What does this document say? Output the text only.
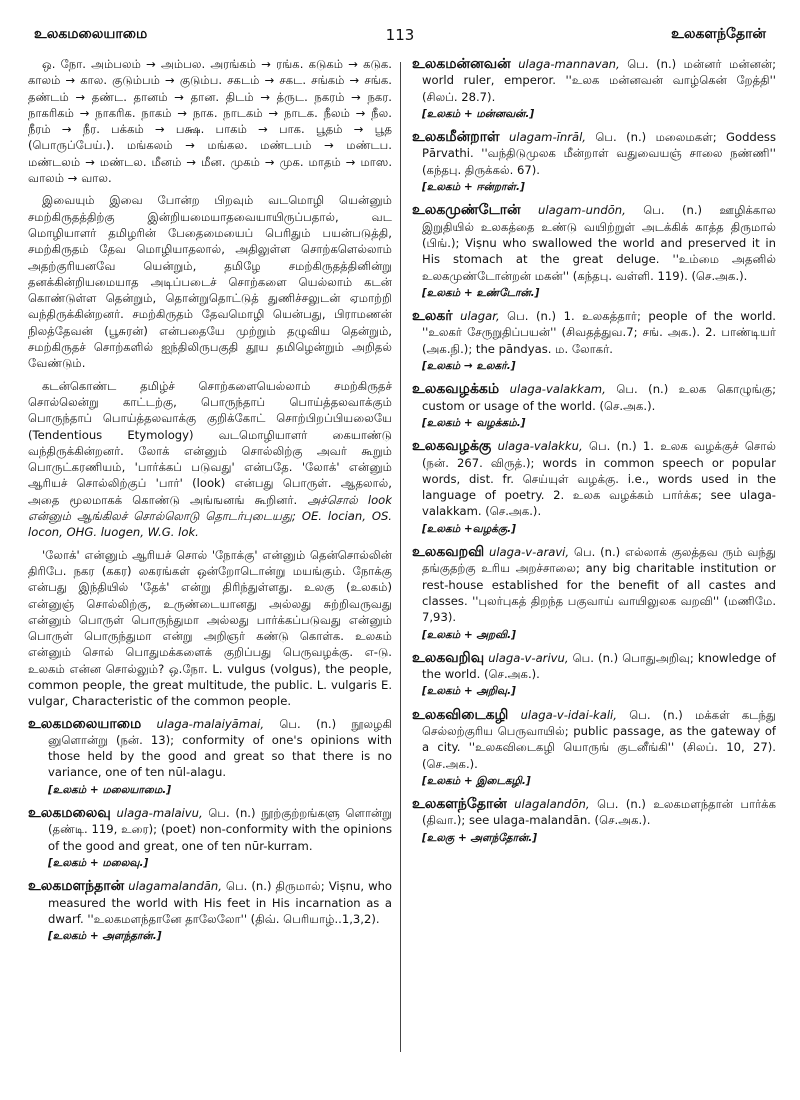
உலகமலையாமை	113	உலகளந்தோன்

ஒ. நோ. அம்பலம் → அம்பல. அரங்கம் → ரங்க. கடுகம் → கடுக. காலம் → கால. குடும்பம் → குடும்ப. சகடம் → சகட. சங்கம் → சங்க. தண்டம் → தண்ட. தானம் → தான. திடம் → த்ருட. நகரம் → நகர. நாகரிகம் → நாகரிக. நாகம் → நாக. நாடகம் → நாடக. நீலம் → நீல. நீரம் → நீர. பக்கம் → பக்ஷ. பாகம் → பாக. பூதம் → பூத (பொருப்பேய்.). மங்கலம் → மங்கல. மண்டபம் → மண்டப. மண்டலம் → மண்டல. மீனம் → மீன. முகம் → முக. மாதம் → மாஸ. வாலம் → வால.

இவையும் இவை போன்ற பிறவும் வடமொழி யென்னும் சமற்கிருதத்திற்கு இன்றியமையாதவையாயிருப்பதால், வட மொழியாளர் தமிழரின் பேதைமையைப் பெரிதும் பயன்படுத்தி, சமற்கிருதம் தேவ மொழியாதலால், அதிலுள்ள சொற்களெல்லாம் அதற்குரியனவே யென்றும், தமிழே சமற்கிருதத்தினின்று தனக்கின்றியமையாத அடிப்படைச் சொற்களை யெல்லாம் கடன் கொண்டுள்ள தென்றும், தொன்றுதொட்டுத் துணிச்சலுடன் ஏமாற்றி வந்திருக்கின்றனர். சமற்கிருதம் தேவமொழி யென்பது, பிராமணன் நிலத்தேவன் (பூசுரன்) என்பதையே முற்றும் தழுவிய தென்றும், சமற்கிருதச் சொற்களில் ஐந்திலிருபகுதி தூய தமிழென்றும் அறிதல் வேண்டும்.

கடன்கொண்ட தமிழ்ச் சொற்களையெல்லாம் சமற்கிருதச் சொல்லென்று காட்டற்கு, பொருந்தாப் பொய்த்தலவாக்கும் பொருந்தாப் பொய்த்தலவாக்கு குறிக்கோட் சொற்பிறப்பியலையே (Tendentious Etymology) வடமொழியாளர் கையாண்டு வந்திருக்கின்றனர். லோக் என்னும் சொல்லிற்கு அவர் கூறும் பொருட்கரணியம், 'பார்க்கப் படுவது' என்பதே. 'லோக்' என்னும் ஆரியச் சொல்லிற்குப் 'பார்' (look) என்பது பொருள். ஆதலால், அதை மூலமாகக் கொண்டு அங்ஙனங் கூறினர். அச்சொல் look என்னும் ஆங்கிலச் சொல்லொடு தொடர்புடையது; OE. locian, OS. locon, OHG. luogen, W.G. lok.

'லோக்' என்னும் ஆரியச் சொல் 'நோக்கு' என்னும் தென்சொல்லின் திரிபே. நகர (ககர) லகரங்கள் ஒன்றோடொன்று மயங்கும். நோக்கு என்பது இந்தியில் 'தேக்' என்று திரிந்துள்ளது. உலகு (உலகம்) என்னுஞ் சொல்லிற்கு, உருண்டையானது அல்லது சுற்றிவருவது என்னும் பொருள் பொருந்துமா அல்லது பார்க்கப்படுவது என்னும் பொருள் பொருந்துமா என்று அறிஞர் கண்டு கொள்க. உலகம் என்னும் சொல் பொதுமக்களைக் குறிப்பது பெருவழக்கு. எ-டு. உலகம் என்ன சொல்லும்? ஒ.நோ. L. vulgus (volgus), the people, common people, the great multitude, the public. L. vulgaris E. vulgar, Characteristic of the common people.

உலகமலையாமை ulaga-malaiyāmai, பெ. (n.) நூலழகி னுளொன்று (நன். 13); conformity of one's opinions with those held by the good and great so that there is no variance, one of ten nūl-alagu.
[உலகம் + மலையாமை.]
உலகமலைவு ulaga-malaivu, பெ. (n.) நூற்குற்றங்களு ளொன்று (தண்டி. 119, உரை); (poet) non-conformity with the opinions of the good and great, one of ten nūr-kurram.
[உலகம் + மலைவு.]
உலகமளந்தான் ulagamalandān, பெ. (n.) திருமால்; Viṣnu, who measured the world with His feet in His incarnation as a dwarf. ''உலகமளந்தானே தாலேலோ'' (திவ். பெரியாழ்..1,3,2).
[உலகம் + அளந்தான்.]
உலகமன்னவன் ulaga-mannavan, பெ. (n.) மன்னர் மன்னன்; world ruler, emperor. ''உலக மன்னவன் வாழ்கென் றேத்தி'' (சிலப். 28.7).
[உலகம் + மன்னவன்.]
உலகமீன்றாள் ulagam-īnrāl, பெ. (n.) மலைமகள்; Goddess Pārvathi. ''வந்திடுமுலக மீன்றாள் வதுவையஞ் சாலை நண்ணி'' (கந்தபு. திருக்கல். 67).
[உலகம் + ஈன்றாள்.]
உலகமுண்டோன் ulagam-undōn, பெ. (n.) ஊழிக்கால இறுதியில் உலகத்தை உண்டு வயிற்றுள் அடக்கிக் காத்த திருமால் (பிங்.); Viṣnu who swallowed the world and preserved it in His stomach at the great deluge. ''உம்மை அதனில் உலகமுண்டோன்றன் மகன்'' (கந்தபு. வள்ளி. 119). (செ.அக.).
[உலகம் + உண்டோன்.]
உலகர் ulagar, பெ. (n.) 1. உலகத்தார்; people of the world. ''உலகர் சேருறுதிப்பயன்'' (சிவதத்துவ.7; சங். அக.). 2. பாண்டியர் (அக.நி.); the pāndyas. ம. லோகர்.
[உலகம் → உலகர்.]
உலகவழக்கம் ulaga-valakkam, பெ. (n.) உலக கொழுங்கு; custom or usage of the world. (செ.அக.).
[உலகம் + வழக்கம்.]
உலகவழக்கு ulaga-valakku, பெ. (n.) 1. உலக வழக்குச் சொல் (நன். 267. விருத்.); words in common speech or popular words, dist. fr. செய்யுள் வழக்கு. i.e., words used in the language of poetry. 2. உலக வழக்கம் பார்க்க; see ulaga-valakkam. (செ.அக.).
[உலகம் +வழக்கு.]
உலகவறவி ulaga-v-aravi, பெ. (n.) எல்லாக் குலத்தவ ரும் வந்து தங்குதற்கு உரிய அறச்சாலை; any big charitable institution or rest-house established for the benefit of all castes and classes. ''புலர்புகத் திறந்த பகுவாய் வாயிலுலக வறவி'' (மணிமே. 7,93).
[உலகம் + அறவி.]
உலகவறிவு ulaga-v-arivu, பெ. (n.) பொதுஅறிவு; knowledge of the world. (செ.அக.).
[உலகம் + அறிவு.]
உலகவிடைகழி ulaga-v-idai-kali, பெ. (n.) மக்கள் கடந்து செல்லற்குரிய பெருவாயில்; public passage, as the gateway of a city. ''உலகவிடைகழி யொருங் குடனீங்கி'' (சிலப். 10, 27). (செ.அக.).
[உலகம் + இடைகழி.]
உலகளந்தோன் ulagalandōn, பெ. (n.) உலகமளந்தான் பார்க்க (திவா.); see ulaga-malandān. (செ.அக.).
[உலகு + அளந்தோன்.]
